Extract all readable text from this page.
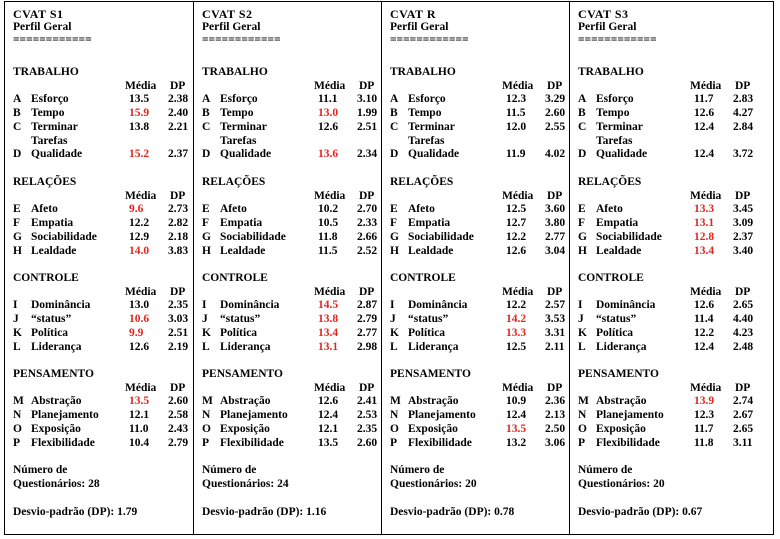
CVAT S1
Perfil Geral
============
TRABALHO
Média DP
A Esforço	13.5 2.38
B Tempo	15.9 2.40
C Terminar	13.8 2.21
Tarefas
D Qualidade	15.2 2.37
RELAÇÕES
Média DP
E Afeto	9.6 2.73
F Empatia	12.2 2.82
G Sociabilidade	12.9 2.18
H Lealdade	14.0 3.83
CONTROLE
Média DP
I Dominância	13.0 2.35
J “status”	10.6 3.03
K Política	9.9 2.51
L Liderança	12.6 2.19
PENSAMENTO
Média DP
M Abstração	13.5 2.60
N Planejamento	12.1 2.58
O Exposição	11.0 2.43
P Flexibilidade	10.4 2.79
Número de
Questionários: 28
Desvio-padrão (DP): 1.79
CVAT S2
Perfil Geral
============
TRABALHO
Média DP
A Esforço	11.1 3.10
B Tempo	13.0 1.99
C Terminar	12.6 2.51
Tarefas
D Qualidade	13.6 2.34
RELAÇÕES
Média DP
E Afeto	10.2 2.70
F Empatia	10.5 2.33
G Sociabilidade	11.8 2.66
H Lealdade	11.5 2.52
CONTROLE
Média DP
I Dominância	14.5 2.87
J “status”	13.8 2.79
K Política	13.4 2.77
L Liderança	13.1 2.98
PENSAMENTO
Média DP
M Abstração	12.6 2.41
N Planejamento	12.4 2.53
O Exposição	12.1 2.35
P Flexibilidade	13.5 2.60
Número de
Questionários: 24
Desvio-padrão (DP): 1.16
CVAT R
Perfil Geral
============
TRABALHO
Média DP
A Esforço	12.3 3.29
B Tempo	11.5 2.60
C Terminar	12.0 2.55
Tarefas
D Qualidade	11.9 4.02
RELAÇÕES
Média DP
E Afeto	12.5 3.60
F Empatia	12.7 3.80
G Sociabilidade	12.2 2.77
H Lealdade	12.6 3.04
CONTROLE
Média DP
I Dominância	12.2 2.57
J “status”	14.2 3.53
K Política	13.3 3.31
L Liderança	12.5 2.11
PENSAMENTO
Média DP
M Abstração	10.9 2.36
N Planejamento	12.4 2.13
O Exposição	13.5 2.50
P Flexibilidade	13.2 3.06
Número de
Questionários: 20
Desvio-padrão (DP): 0.78
CVAT S3
Perfil Geral
============
TRABALHO
Média DP
A Esforço	11.7 2.83
B Tempo	12.6 4.27
C Terminar	12.4 2.84
Tarefas
D Qualidade	12.4 3.72
RELAÇÕES
Média DP
E Afeto	13.3 3.45
F Empatia	13.1 3.09
G Sociabilidade	12.8 2.37
H Lealdade	13.4 3.40
CONTROLE
Média DP
I Dominância	12.6 2.65
J “status”	11.4 4.40
K Política	12.2 4.23
L Liderança	12.4 2.48
PENSAMENTO
Média DP
M Abstração	13.9 2.74
N Planejamento	12.3 2.67
O Exposição	11.7 2.65
P Flexibilidade	11.8 3.11
Número de
Questionários: 20
Desvio-padrão (DP): 0.67
